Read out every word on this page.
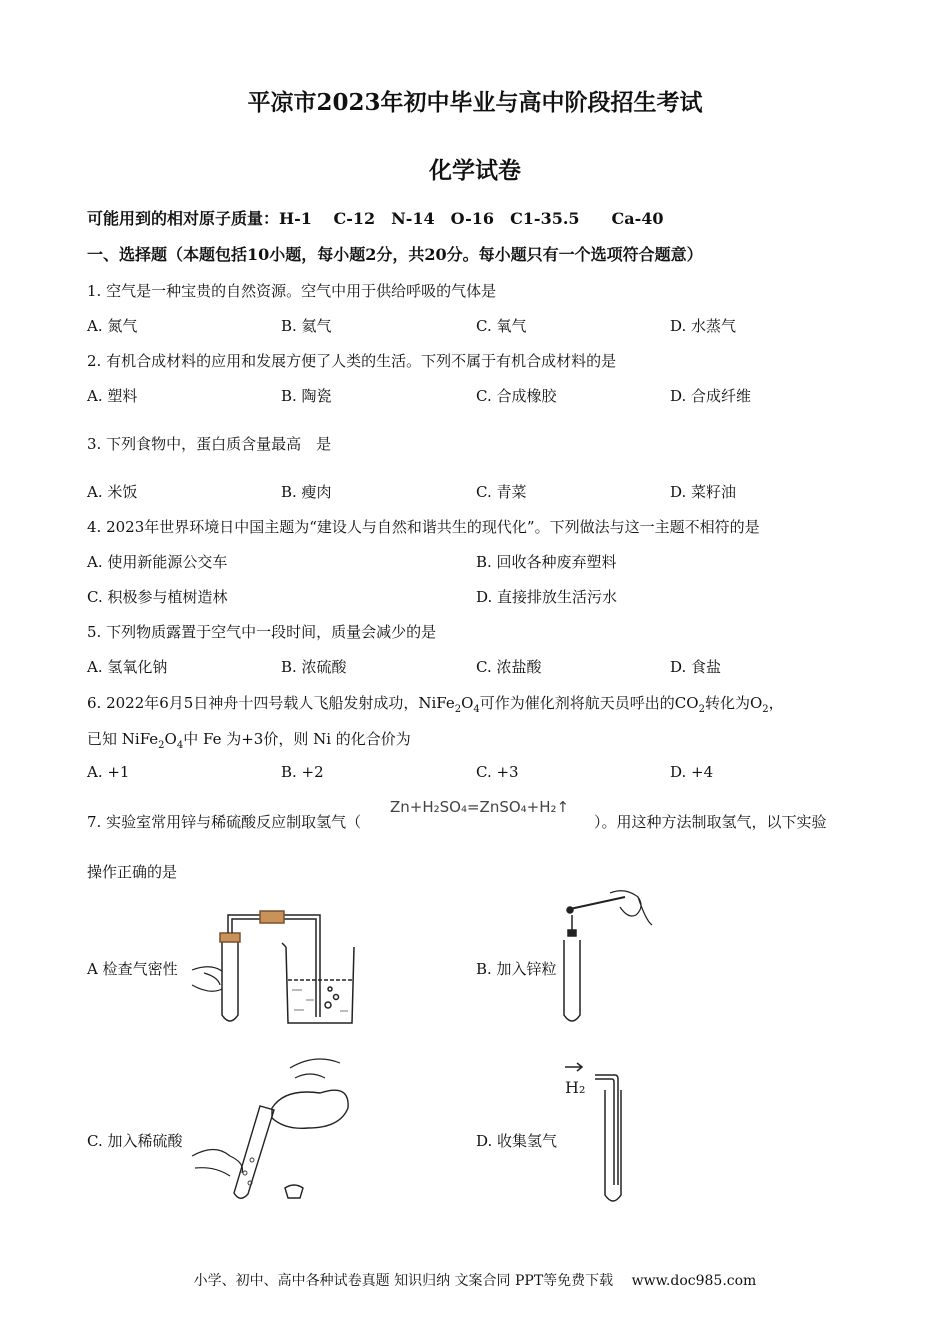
平凉市2023年初中毕业与高中阶段招生考试
化学试卷
可能用到的相对原子质量：H-1　 C-12　N-14　O-16　C1-35.5　　Ca-40
一、选择题（本题包括10小题，每小题2分，共20分。每小题只有一个选项符合题意）
1. 空气是一种宝贵的自然资源。空气中用于供给呼吸的气体是
A. 氮气	B. 氦气	C. 氧气	D. 水蒸气
2. 有机合成材料的应用和发展方便了人类的生活。下列不属于有机合成材料的是
A. 塑料	B. 陶瓷	C. 合成橡胶	D. 合成纤维
3. 下列食物中，蛋白质含量最高　是
A. 米饭	B. 瘦肉	C. 青菜	D. 菜籽油
4. 2023年世界环境日中国主题为“建设人与自然和谐共生的现代化”。下列做法与这一主题不相符的是
A. 使用新能源公交车	B. 回收各种废弃塑料
C. 积极参与植树造林	D. 直接排放生活污水
5. 下列物质露置于空气中一段时间，质量会减少的是
A. 氢氧化钠	B. 浓硫酸	C. 浓盐酸	D. 食盐
6. 2022年6月5日神舟十四号载人飞船发射成功，$NiFe_2O_4$可作为催化剂将航天员呼出的$CO_2$转化为$O_2$，
已知 $NiFe_2O_4$中 Fe 为+3价，则 Ni 的化合价为
A. +1	B. +2	C. +3	D. +4
7. 实验室常用锌与稀硫酸反应制取氢气（
Zn+H₂SO₄=ZnSO₄+H₂↑
）。用这种方法制取氢气，以下实验
操作正确的是
A 检查气密性	B. 加入锌粒
C. 加入稀硫酸	D. 收集氢气
H₂
小学、初中、高中各种试卷真题 知识归纳 文案合同 PPT等免费下载　 www.doc985.com
